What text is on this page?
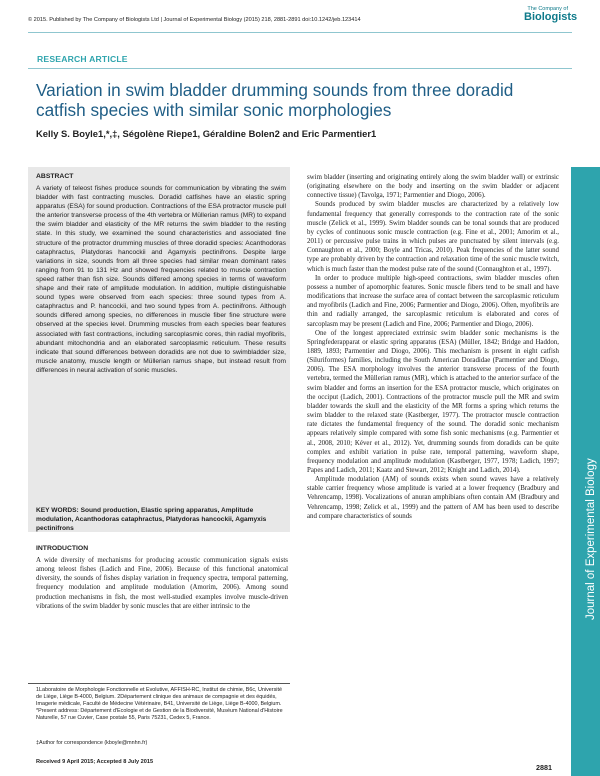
© 2015. Published by The Company of Biologists Ltd | Journal of Experimental Biology (2015) 218, 2881-2891 doi:10.1242/jeb.123414
The Company of
Biologists
RESEARCH ARTICLE
Variation in swim bladder drumming sounds from three doradid catfish species with similar sonic morphologies
Kelly S. Boyle1,*,‡, Ségolène Riepe1, Géraldine Bolen2 and Eric Parmentier1
ABSTRACT
A variety of teleost fishes produce sounds for communication by vibrating the swim bladder with fast contracting muscles. Doradid catfishes have an elastic spring apparatus (ESA) for sound production. Contractions of the ESA protractor muscle pull the anterior transverse process of the 4th vertebra or Müllerian ramus (MR) to expand the swim bladder and elasticity of the MR returns the swim bladder to the resting state. In this study, we examined the sound characteristics and associated fine structure of the protractor drumming muscles of three doradid species: Acanthodoras cataphractus, Platydoras hancockii and Agamyxis pectinifrons. Despite large variations in size, sounds from all three species had similar mean dominant rates ranging from 91 to 131 Hz and showed frequencies related to muscle contraction speed rather than fish size. Sounds differed among species in terms of waveform shape and their rate of amplitude modulation. In addition, multiple distinguishable sound types were observed from each species: three sound types from A. cataphractus and P. hancockii, and two sound types from A. pectinifrons. Although sounds differed among species, no differences in muscle fiber fine structure were observed at the species level. Drumming muscles from each species bear features associated with fast contractions, including sarcoplasmic cores, thin radial myofibrils, abundant mitochondria and an elaborated sarcoplasmic reticulum. These results indicate that sound differences between doradids are not due to swimbladder size, muscle anatomy, muscle length or Müllerian ramus shape, but instead result from differences in neural activation of sonic muscles.
KEY WORDS: Sound production, Elastic spring apparatus, Amplitude modulation, Acanthodoras cataphractus, Platydoras hancockii, Agamyxis pectinifrons
INTRODUCTION
A wide diversity of mechanisms for producing acoustic communication signals exists among teleost fishes (Ladich and Fine, 2006). Because of this functional anatomical diversity, the sounds of fishes display variation in frequency spectra, temporal patterning, frequency modulation and amplitude modulation (Amorim, 2006). Among sound production mechanisms in fish, the most well-studied examples involve muscle-driven vibrations of the swim bladder by sonic muscles that are either intrinsic to the
1Laboratoire de Morphologie Fonctionnelle et Evolutive, AFFISH-RC, Institut de chimie, B6c, Université de Liège, Liège B-4000, Belgium. 2Département clinique des animaux de compagnie et des équidés, Imagerie médicale, Faculté de Médecine Vétérinaire, B41, Université de Liège, Liège B-4000, Belgium. *Present address: Département d'Ecologie et de Gestion de la Biodiversité, Muséum National d'Histoire Naturelle, 57 rue Cuvier, Case postale 55, Paris 75231, Cedex 5, France.
‡Author for correspondence (kboyle@mnhn.fr)
Received 9 April 2015; Accepted 8 July 2015

swim bladder (inserting and originating entirely along the swim bladder wall) or extrinsic (originating elsewhere on the body and inserting on the swim bladder or adjacent connective tissue) (Tavolga, 1971; Parmentier and Diogo, 2006).

Sounds produced by swim bladder muscles are characterized by a relatively low fundamental frequency that generally corresponds to the contraction rate of the sonic muscle (Zelick et al., 1999). Swim bladder sounds can be tonal sounds that are produced by cycles of continuous sonic muscle contraction (e.g. Fine et al., 2001; Amorim et al., 2011) or percussive pulse trains in which pulses are punctuated by silent intervals (e.g. Connaughton et al., 2000; Boyle and Tricas, 2010). Peak frequencies of the latter sound type are probably driven by the contraction and relaxation time of the sonic muscle twitch, which is much faster than the modest pulse rate of the sound (Connaughton et al., 1997).

In order to produce multiple high-speed contractions, swim bladder muscles often possess a number of apomorphic features. Sonic muscle fibers tend to be small and have modifications that increase the surface area of contact between the sarcoplasmic reticulum and myofibrils (Ladich and Fine, 2006; Parmentier and Diogo, 2006). Often, myofibrils are thin and radially arranged, the sarcoplasmic reticulum is elaborated and cores of sarcoplasm may be present (Ladich and Fine, 2006; Parmentier and Diogo, 2006).

One of the longest appreciated extrinsic swim bladder sonic mechanisms is the Springfederapparat or elastic spring apparatus (ESA) (Müller, 1842; Bridge and Haddon, 1889, 1893; Parmentier and Diogo, 2006). This mechanism is present in eight catfish (Siluriformes) families, including the South American Doradidae (Parmentier and Diogo, 2006). The ESA morphology involves the anterior transverse process of the fourth vertebra, termed the Müllerian ramus (MR), which is attached to the anterior surface of the swim bladder and forms an insertion for the ESA protractor muscle, which originates on the occiput (Ladich, 2001). Contractions of the protractor muscle pull the MR and swim bladder towards the skull and the elasticity of the MR forms a spring which returns the swim bladder to the relaxed state (Kastberger, 1977). The protractor muscle contraction rate dictates the fundamental frequency of the sound. The doradid sonic mechanism appears relatively simple compared with some fish sonic mechanisms (e.g. Parmentier et al., 2008, 2010; Kéver et al., 2012). Yet, drumming sounds from doradids can be quite complex and exhibit variation in pulse rate, temporal patterning, waveform shape, frequency modulation and amplitude modulation (Kastberger, 1977, 1978; Ladich, 1997; Papes and Ladich, 2011; Kaatz and Stewart, 2012; Knight and Ladich, 2014).

Amplitude modulation (AM) of sounds exists when sound waves have a relatively stable carrier frequency whose amplitude is varied at a lower frequency (Bradbury and Vehrencamp, 1998). Vocalizations of anuran amphibians often contain AM (Bradbury and Vehrencamp, 1998; Zelick et al., 1999) and the pattern of AM has been used to describe and compare characteristics of sounds	Journal of Experimental Biology
2881
